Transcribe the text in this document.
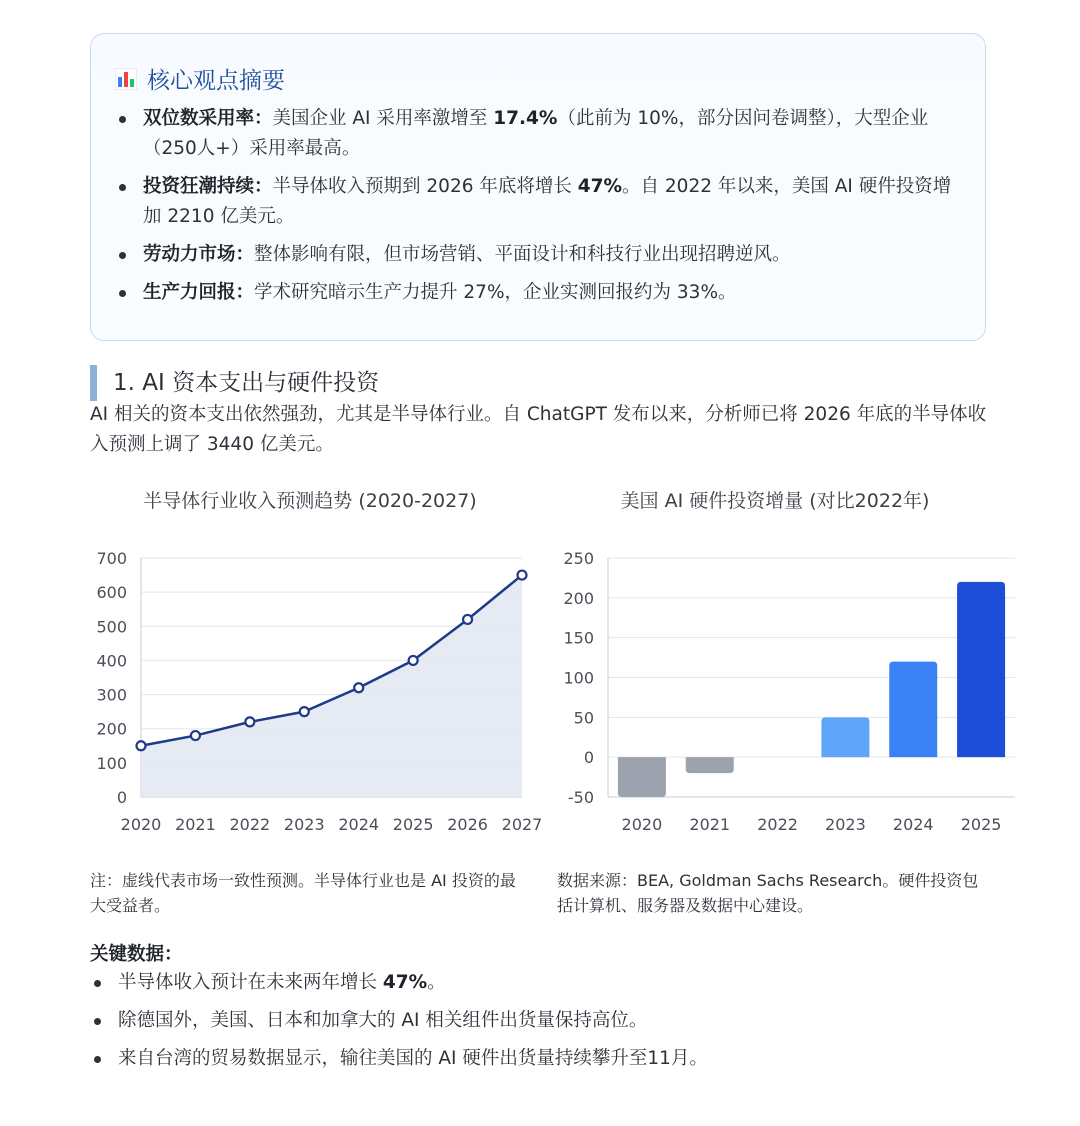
核心观点摘要
双位数采用率：美国企业 AI 采用率激增至 17.4%（此前为 10%，部分因问卷调整），大型企业（250人+）采用率最高。
投资狂潮持续：半导体收入预期到 2026 年底将增长 47%。自 2022 年以来，美国 AI 硬件投资增加 2210 亿美元。
劳动力市场：整体影响有限，但市场营销、平面设计和科技行业出现招聘逆风。
生产力回报：学术研究暗示生产力提升 27%，企业实测回报约为 33%。
1. AI 资本支出与硬件投资
AI 相关的资本支出依然强劲，尤其是半导体行业。自 ChatGPT 发布以来，分析师已将 2026 年底的半导体收入预测上调了 3440 亿美元。
半导体行业收入预测趋势 (2020-2027)	美国 AI 硬件投资增量 (对比2022年)
0
100
200
300
400
500
600
700
2020 2021 2022 2023 2024 2025 2026 2027
-50
0
50
100
150
200
250
2020 2021 2022 2023 2024 2025
注：虚线代表市场一致性预测。半导体行业也是 AI 投资的最大受益者。
数据来源：BEA, Goldman Sachs Research。硬件投资包括计算机、服务器及数据中心建设。
关键数据：
半导体收入预计在未来两年增长 47%。
除德国外，美国、日本和加拿大的 AI 相关组件出货量保持高位。
来自台湾的贸易数据显示，输往美国的 AI 硬件出货量持续攀升至11月。
